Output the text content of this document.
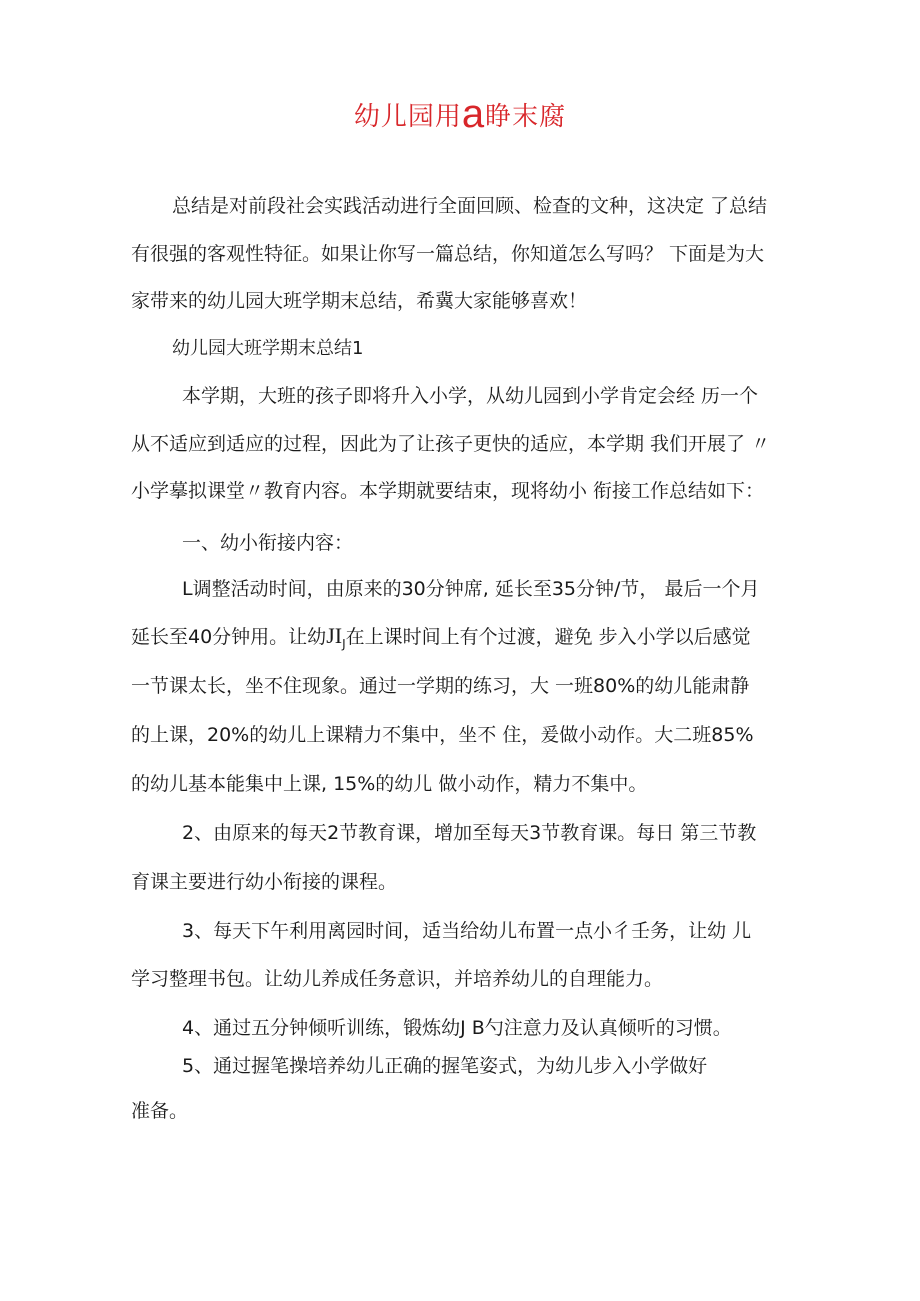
幼儿园用a睁末腐
总结是对前段社会实践活动进行全面回顾、检查的文种，这决定 了总结
有很强的客观性特征。如果让你写一篇总结，你知道怎么写吗？ 下面是为大
家带来的幼儿园大班学期末总结，希冀大家能够喜欢！
幼儿园大班学期末总结1
本学期，大班的孩子即将升入小学，从幼儿园到小学肯定会经 历一个
从不适应到适应的过程，因此为了让孩子更快的适应，本学期 我们开展了 〃
小学摹拟课堂〃教育内容。本学期就要结束，现将幼小 衔接工作总结如下：
一、幼小衔接内容：
L调整活动时间，由原来的30分钟席, 延长至35分钟/节， 最后一个月
延长至40分钟用。让幼$JI_J$在上课时间上有个过渡，避免 步入小学以后感觉
一节课太长，坐不住现象。通过一学期的练习，大 一班80%的幼儿能肃静
的上课，20%的幼儿上课精力不集中，坐不 住，爰做小动作。大二班85%
的幼儿基本能集中上课, 15%的幼儿 做小动作，精力不集中。
2、由原来的每天2节教育课，增加至每天3节教育课。每日 第三节教
育课主要进行幼小衔接的课程。
3、每天下午利用离园时间，适当给幼儿布置一点小彳壬务，让幼 儿
学习整理书包。让幼儿养成任务意识，并培养幼儿的自理能力。
4、通过五分钟倾听训练，锻炼幼J B勺注意力及认真倾听的习惯。
5、通过握笔操培养幼儿正确的握笔姿式，为幼儿步入小学做好
准备。
